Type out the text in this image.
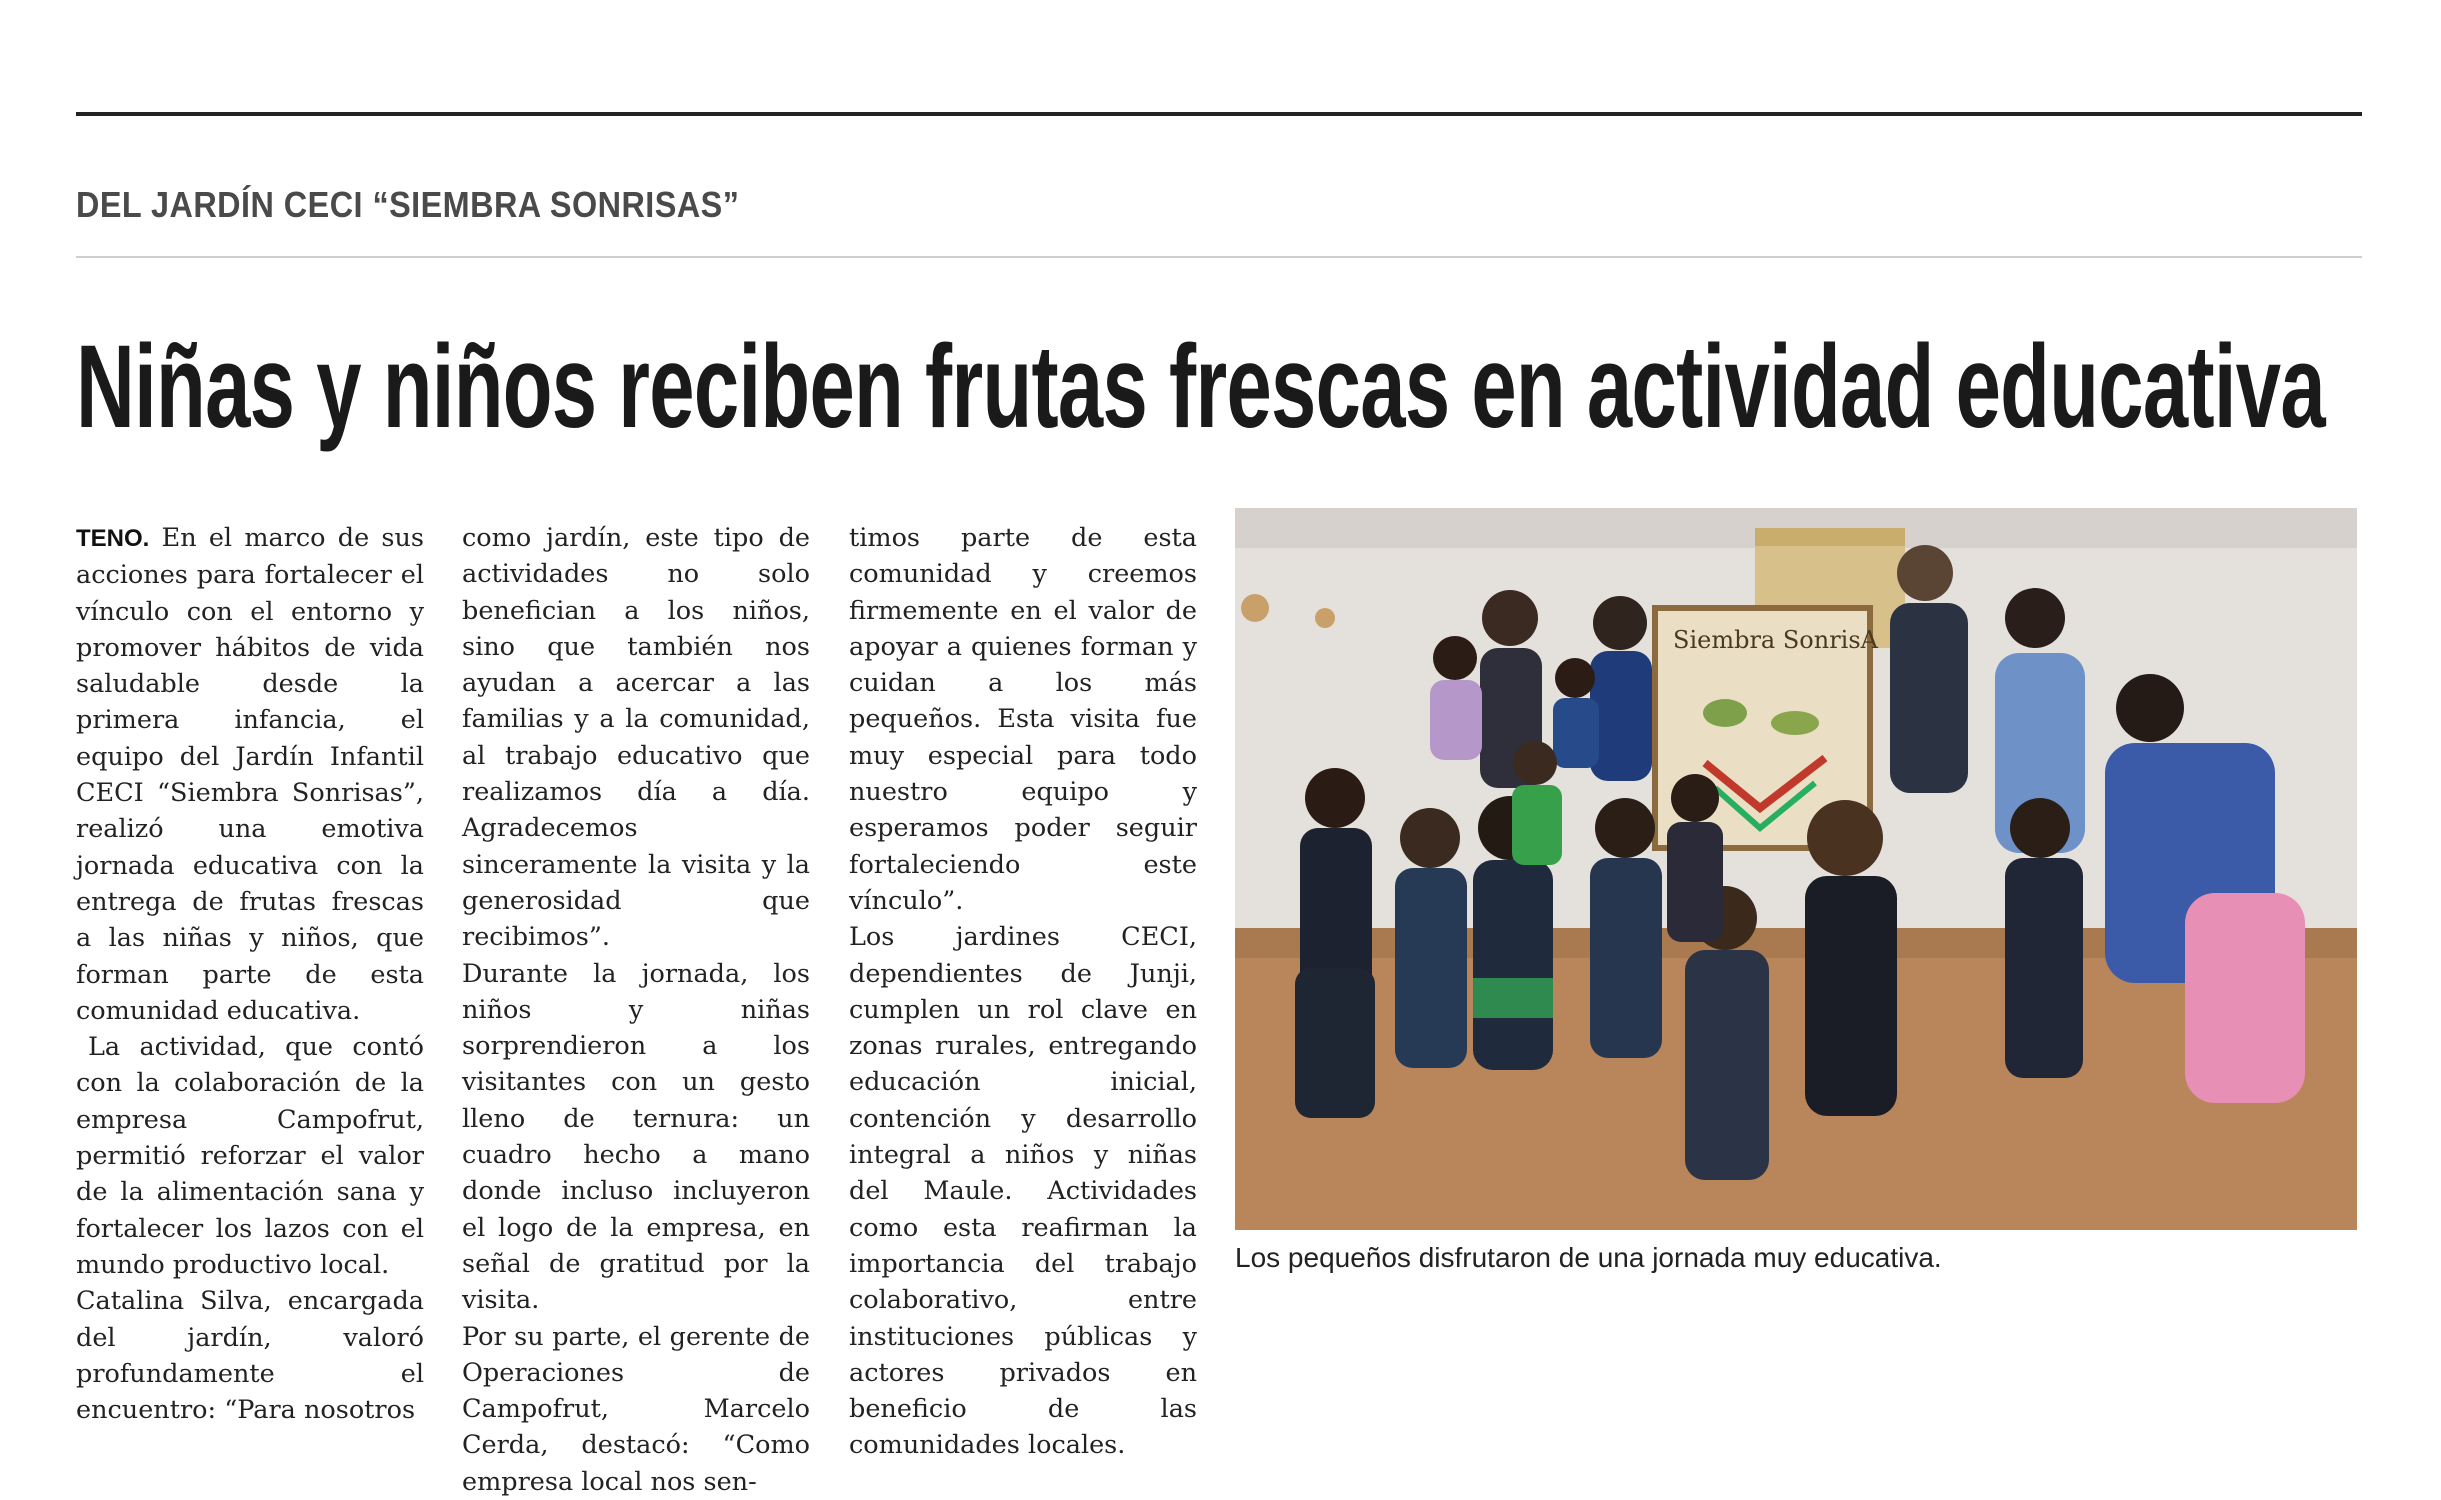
DEL JARDÍN CECI “SIEMBRA SONRISAS”
Niñas y niños reciben frutas frescas en actividad educativa

TENO. En el marco de sus acciones para fortalecer el vínculo con el entorno y promover hábitos de vida saludable desde la primera infancia, el equipo del Jardín Infantil CECI “Siembra Sonrisas”, realizó una emotiva jornada educativa con la entrega de frutas frescas a las niñas y niños, que forman parte de esta comunidad educativa.

La actividad, que contó con la colaboración de la empresa Campofrut, permitió reforzar el valor de la alimentación sana y fortalecer los lazos con el mundo productivo local.

Catalina Silva, encargada del jardín, valoró profundamente el encuentro: “Para nosotros

como jardín, este tipo de actividades no solo benefician a los niños, sino que también nos ayudan a acercar a las familias y a la comunidad, al trabajo educativo que realizamos día a día. Agradecemos sinceramente la visita y la generosidad que recibimos”.

Durante la jornada, los niños y niñas sorprendieron a los visitantes con un gesto lleno de ternura: un cuadro hecho a mano donde incluso incluyeron el logo de la empresa, en señal de gratitud por la visita.

Por su parte, el gerente de Operaciones de Campofrut, Marcelo Cerda, destacó: “Como empresa local nos sen-

timos parte de esta comunidad y creemos firmemente en el valor de apoyar a quienes forman y cuidan a los más pequeños. Esta visita fue muy especial para todo nuestro equipo y esperamos poder seguir fortaleciendo este vínculo”.

Los jardines CECI, dependientes de Junji, cumplen un rol clave en zonas rurales, entregando educación inicial, contención y desarrollo integral a niños y niñas del Maule. Actividades como esta reafirman la importancia del trabajo colaborativo, entre instituciones públicas y actores privados en beneficio de las comunidades locales.

Siembra SonrisA
Los pequeños disfrutaron de una jornada muy educativa.
